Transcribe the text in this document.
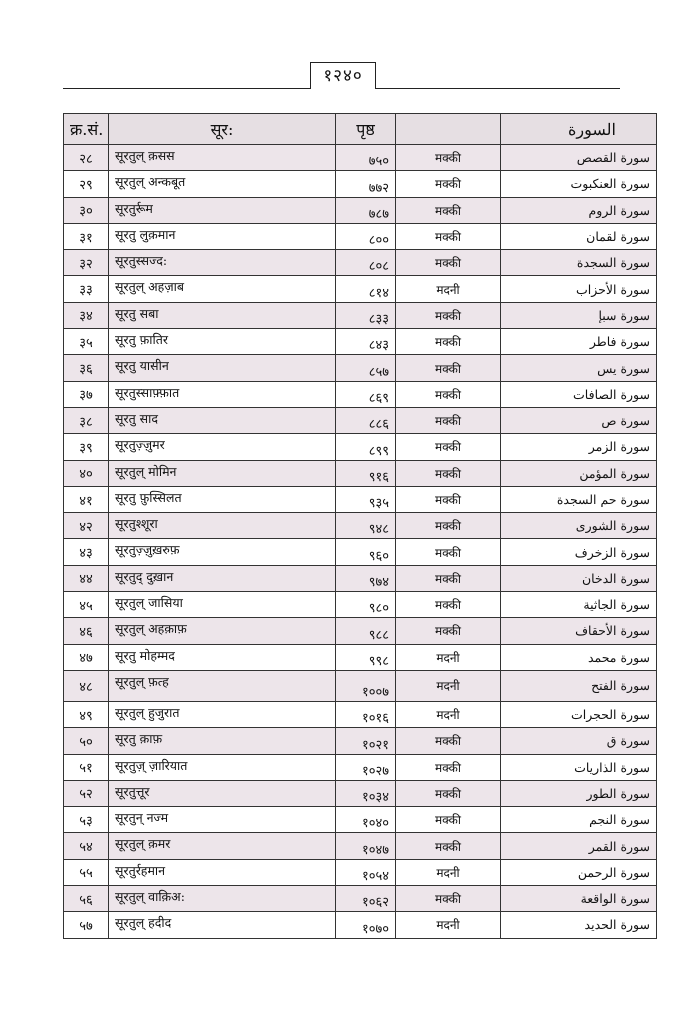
१२४०
क्र.सं.	सूर:	पृष्ठ		السورة
२८	सूरतुल् क़सस	७५०	मक्की	سورة القصص
२९	सूरतुल् अन्कबूत	७७२	मक्की	سورة العنكبوت
३०	सूरतुर्रूम	७८७	मक्की	سورة الروم
३१	सूरतु लुक़मान	८००	मक्की	سورة لقمان
३२	सूरतुस्सज्द:	८०८	मक्की	سورة السجدة
३३	सूरतुल् अहज़ाब	८१४	मदनी	سورة الأحزاب
३४	सूरतु सबा	८३३	मक्की	سورة سبإ
३५	सूरतु फ़ातिर	८४३	मक्की	سورة فاطر
३६	सूरतु यासीन	८५७	मक्की	سورة يس
३७	सूरतुस्साफ़्फ़ात	८६९	मक्की	سورة الصافات
३८	सूरतु साद	८८६	मक्की	سورة ص
३९	सूरतुज़्ज़ुमर	८९९	मक्की	سورة الزمر
४०	सूरतुल् मोमिन	९१६	मक्की	سورة المؤمن
४१	सूरतु फ़ुस्सिलत	९३५	मक्की	سورة حم السجدة
४२	सूरतुश्शूरा	९४८	मक्की	سورة الشورى
४३	सूरतुज़्ज़ुख़रुफ़	९६०	मक्की	سورة الزخرف
४४	सूरतुद् दुख़ान	९७४	मक्की	سورة الدخان
४५	सूरतुल् जासिया	९८०	मक्की	سورة الجاثية
४६	सूरतुल् अहक़ाफ़	९८८	मक्की	سورة الأحقاف
४७	सूरतु मोहम्मद	९९८	मदनी	سورة محمد
४८	सूरतुल् फ़त्ह	१००७	मदनी	سورة الفتح
४९	सूरतुल् हुजुरात	१०१६	मदनी	سورة الحجرات
५०	सूरतु क़ाफ़	१०२१	मक्की	سورة ق
५१	सूरतुज़् ज़ारियात	१०२७	मक्की	سورة الذاريات
५२	सूरतुत्तूर	१०३४	मक्की	سورة الطور
५३	सूरतुन् नज्म	१०४०	मक्की	سورة النجم
५४	सूरतुल् क़मर	१०४७	मक्की	سورة القمر
५५	सूरतुर्रहमान	१०५४	मदनी	سورة الرحمن
५६	सूरतुल् वाक़िअ:	१०६२	मक्की	سورة الواقعة
५७	सूरतुल् हदीद	१०७०	मदनी	سورة الحديد
